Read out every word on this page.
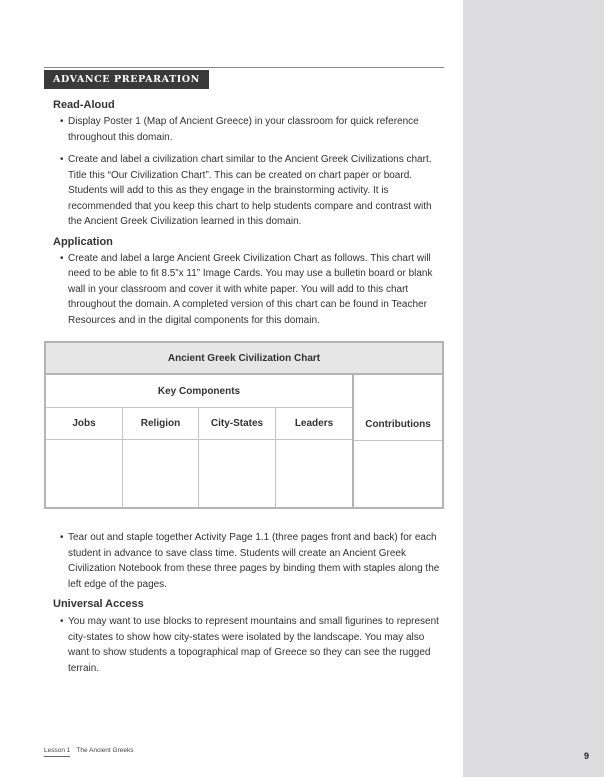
ADVANCE PREPARATION
Read-Aloud
• Display Poster 1 (Map of Ancient Greece) in your classroom for quick reference throughout this domain.
• Create and label a civilization chart similar to the Ancient Greek Civilizations chart. Title this “Our Civilization Chart”. This can be created on chart paper or board. Students will add to this as they engage in the brainstorming activity. It is recommended that you keep this chart to help students compare and contrast with the Ancient Greek Civilization learned in this domain.
Application
• Create and label a large Ancient Greek Civilization Chart as follows. This chart will need to be able to fit 8.5”x 11” Image Cards. You may use a bulletin board or blank wall in your classroom and cover it with white paper. You will add to this chart throughout the domain. A completed version of this chart can be found in Teacher Resources and in the digital components for this domain.
Ancient Greek Civilization Chart
Key Components
Jobs	Religion	City-States	Leaders	Contributions
• Tear out and staple together Activity Page 1.1 (three pages front and back) for each student in advance to save class time. Students will create an Ancient Greek Civilization Notebook from these three pages by binding them with staples along the left edge of the pages.
Universal Access
• You may want to use blocks to represent mountains and small figurines to represent city-states to show how city-states were isolated by the landscape. You may also want to show students a topographical map of Greece so they can see the rugged terrain.
Lesson 1 The Ancient Greeks
9
